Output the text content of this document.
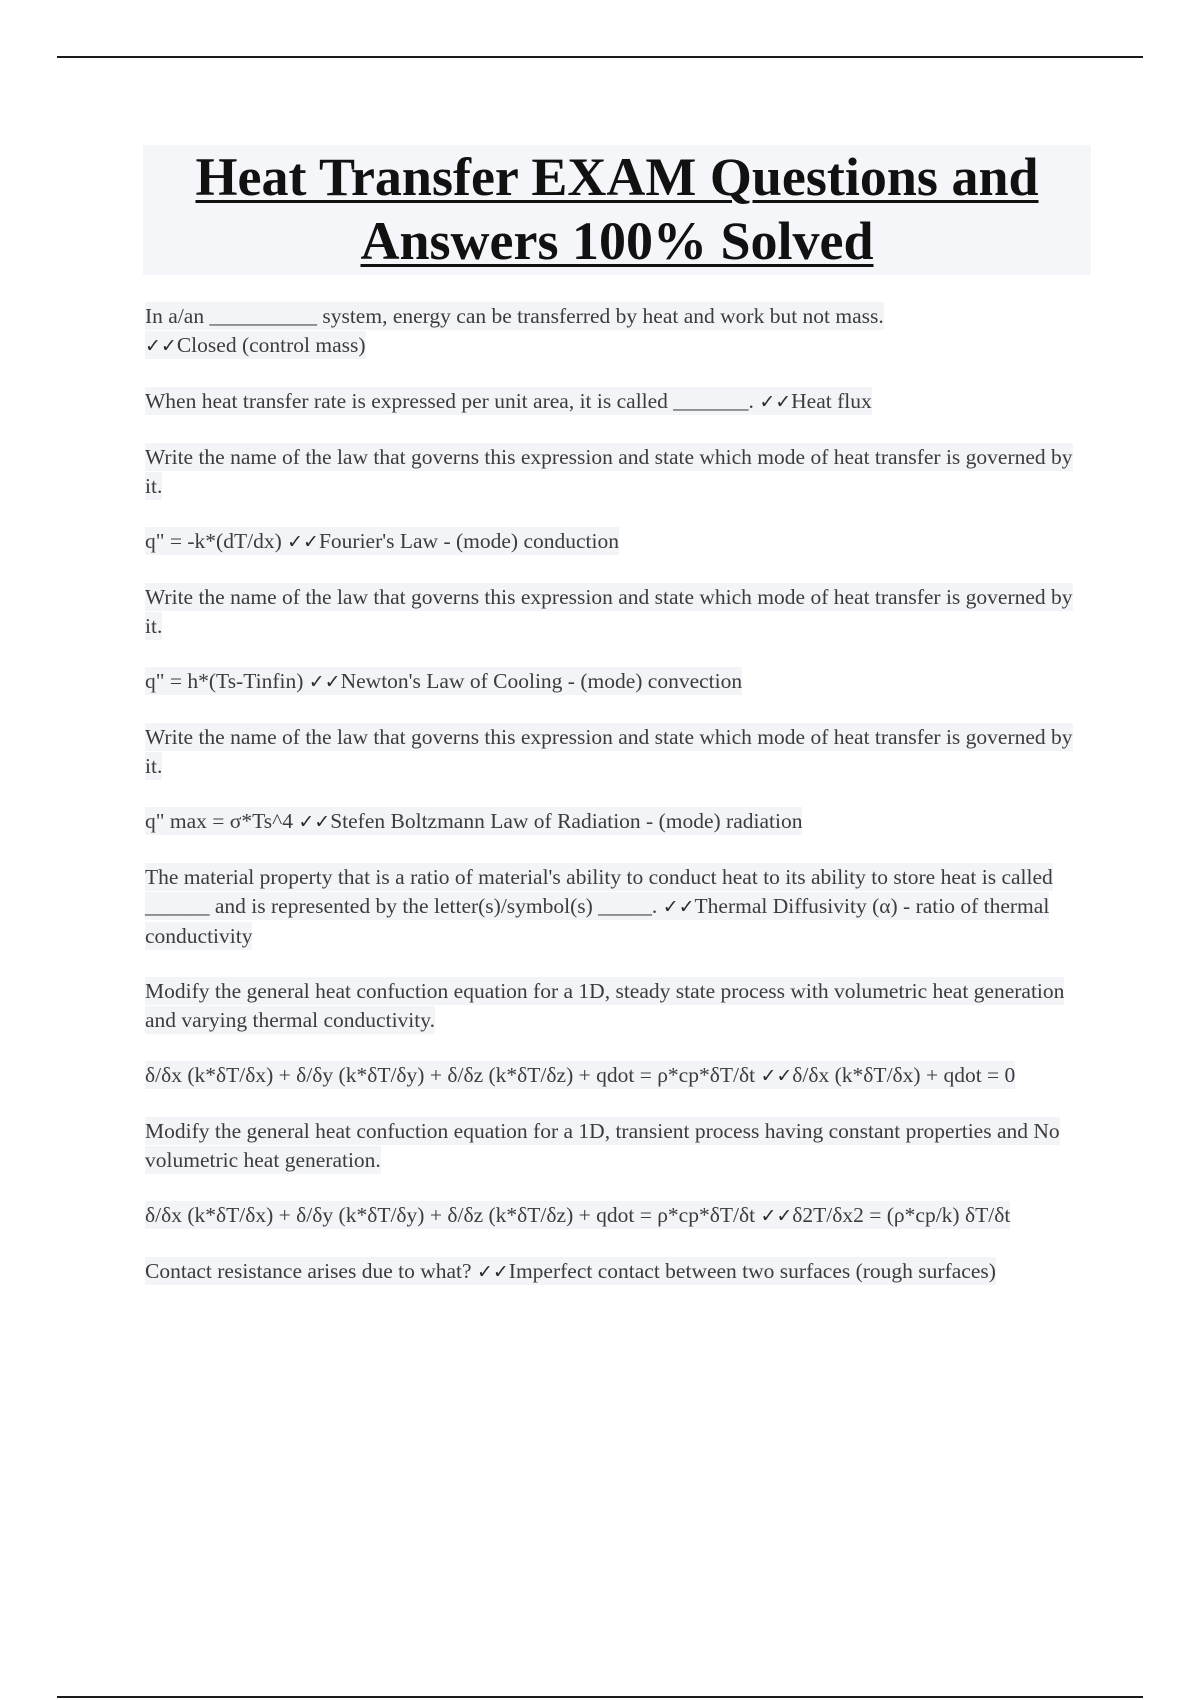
Heat Transfer EXAM Questions and
Answers 100% Solved

In a/an __________ system, energy can be transferred by heat and work but not mass.
✓✓Closed (control mass)

When heat transfer rate is expressed per unit area, it is called _______. ✓✓Heat flux

Write the name of the law that governs this expression and state which mode of heat transfer is governed by it.

q" = -k*(dT/dx) ✓✓Fourier's Law - (mode) conduction

Write the name of the law that governs this expression and state which mode of heat transfer is governed by it.

q" = h*(Ts-Tinfin) ✓✓Newton's Law of Cooling - (mode) convection

Write the name of the law that governs this expression and state which mode of heat transfer is governed by it.

q" max = σ*Ts^4 ✓✓Stefen Boltzmann Law of Radiation - (mode) radiation

The material property that is a ratio of material's ability to conduct heat to its ability to store heat is called ______ and is represented by the letter(s)/symbol(s) _____. ✓✓Thermal Diffusivity (α) - ratio of thermal conductivity

Modify the general heat confuction equation for a 1D, steady state process with volumetric heat generation and varying thermal conductivity.

δ/δx (k*δT/δx) + δ/δy (k*δT/δy) + δ/δz (k*δT/δz) + qdot = ρ*cp*δT/δt ✓✓δ/δx (k*δT/δx) + qdot = 0

Modify the general heat confuction equation for a 1D, transient process having constant properties and No volumetric heat generation.

δ/δx (k*δT/δx) + δ/δy (k*δT/δy) + δ/δz (k*δT/δz) + qdot = ρ*cp*δT/δt ✓✓δ2T/δx2 = (ρ*cp/k) δT/δt

Contact resistance arises due to what? ✓✓Imperfect contact between two surfaces (rough surfaces)
